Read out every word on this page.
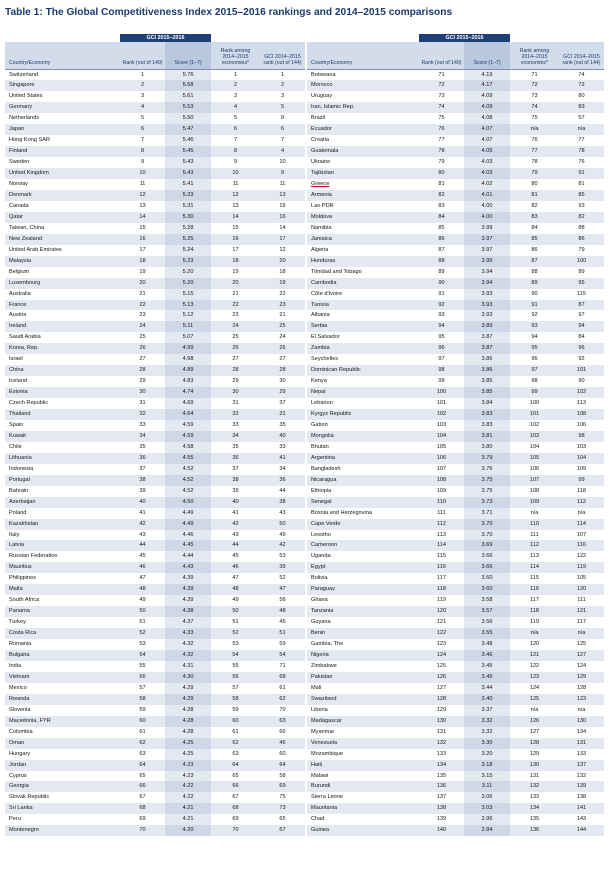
Table 1: The Global Competitiveness Index 2015–2016 rankings and 2014–2015 comparisons
	GCI 2015–2016			
Country/Economy	Rank (out of 140)	Score (1–7)	Rank among 2014–2015 economies*	GCI 2014–2015 rank (out of 144)
Switzerland	1	5.76	1	1
Singapore	2	5.68	2	2
United States	3	5.61	3	3
Germany	4	5.53	4	5
Netherlands	5	5.50	5	8
Japan	6	5.47	6	6
Hong Kong SAR	7	5.46	7	7
Finland	8	5.45	8	4
Sweden	9	5.43	9	10
United Kingdom	10	5.43	10	9
Norway	11	5.41	11	11
Denmark	12	5.33	12	13
Canada	13	5.31	13	15
Qatar	14	5.30	14	16
Taiwan, China	15	5.28	15	14
New Zealand	16	5.25	16	17
United Arab Emirates	17	5.24	17	12
Malaysia	18	5.23	18	20
Belgium	19	5.20	19	18
Luxembourg	20	5.20	20	19
Australia	21	5.15	21	22
France	22	5.13	22	23
Austria	23	5.12	23	21
Ireland	24	5.11	24	25
Saudi Arabia	25	5.07	25	24
Korea, Rep.	26	4.99	26	26
Israel	27	4.98	27	27
China	28	4.89	28	28
Iceland	29	4.83	29	30
Estonia	30	4.74	30	29
Czech Republic	31	4.69	31	37
Thailand	32	4.64	32	31
Spain	33	4.59	33	35
Kuwait	34	4.59	34	40
Chile	35	4.58	35	33
Lithuania	36	4.55	36	41
Indonesia	37	4.52	37	34
Portugal	38	4.52	38	36
Bahrain	39	4.52	39	44
Azerbaijan	40	4.50	40	38
Poland	41	4.49	41	43
Kazakhstan	42	4.49	42	50
Italy	43	4.46	43	49
Latvia	44	4.45	44	42
Russian Federation	45	4.44	45	53
Mauritius	46	4.43	46	39
Philippines	47	4.39	47	52
Malta	48	4.39	48	47
South Africa	49	4.39	49	56
Panama	50	4.38	50	48
Turkey	51	4.37	51	45
Costa Rica	52	4.33	52	51
Romania	53	4.32	53	59
Bulgaria	54	4.32	54	54
India	55	4.31	55	71
Vietnam	56	4.30	56	68
Mexico	57	4.29	57	61
Rwanda	58	4.29	58	62
Slovenia	59	4.28	59	70
Macedonia, FYR	60	4.28	60	63
Colombia	61	4.28	61	66
Oman	62	4.25	62	46
Hungary	63	4.25	63	60
Jordan	64	4.23	64	64
Cyprus	65	4.23	65	58
Georgia	66	4.22	66	69
Slovak Republic	67	4.22	67	75
Sri Lanka	68	4.21	68	73
Peru	69	4.21	69	65
Montenegro	70	4.20	70	67
	GCI 2015–2016			
Country/Economy	Rank (out of 140)	Score (1–7)	Rank among 2014–2015 economies*	GCI 2014–2015 rank (out of 144)
Botswana	71	4.19	71	74
Morocco	72	4.17	72	72
Uruguay	73	4.09	73	80
Iran, Islamic Rep.	74	4.09	74	83
Brazil	75	4.08	75	57
Ecuador	76	4.07	n/a	n/a
Croatia	77	4.07	76	77
Guatemala	78	4.05	77	78
Ukraine	79	4.03	78	76
Tajikistan	80	4.03	79	91
Greece	81	4.02	80	81
Armenia	82	4.01	81	85
Lao PDR	83	4.00	82	93
Moldova	84	4.00	83	82
Namibia	85	3.99	84	88
Jamaica	86	3.97	85	86
Algeria	87	3.97	86	79
Honduras	88	3.95	87	100
Trinidad and Tobago	89	3.94	88	89
Cambodia	90	3.94	89	95
Côte d'Ivoire	91	3.93	90	115
Tunisia	92	3.93	91	87
Albania	93	3.93	92	97
Serbia	94	3.89	93	94
El Salvador	95	3.87	94	84
Zambia	96	3.87	95	96
Seychelles	97	3.86	96	92
Dominican Republic	98	3.86	97	101
Kenya	99	3.85	98	90
Nepal	100	3.85	99	102
Lebanon	101	3.84	100	113
Kyrgyz Republic	102	3.83	101	108
Gabon	103	3.83	102	106
Mongolia	104	3.81	103	98
Bhutan	105	3.80	104	103
Argentina	106	3.79	105	104
Bangladesh	107	3.76	106	109
Nicaragua	108	3.75	107	99
Ethiopia	109	3.75	108	118
Senegal	110	3.73	109	112
Bosnia and Herzegovina	111	3.71	n/a	n/a
Cape Verde	112	3.70	110	114
Lesotho	113	3.70	111	107
Cameroon	114	3.69	112	116
Uganda	115	3.66	113	122
Egypt	116	3.66	114	119
Bolivia	117	3.60	115	105
Paraguay	118	3.60	116	120
Ghana	119	3.58	117	111
Tanzania	120	3.57	118	121
Guyana	121	3.56	119	117
Benin	122	3.55	n/a	n/a
Gambia, The	123	3.48	120	125
Nigeria	124	3.46	121	127
Zimbabwe	125	3.45	122	124
Pakistan	126	3.45	123	129
Mali	127	3.44	124	128
Swaziland	128	3.40	125	123
Liberia	129	3.37	n/a	n/a
Madagascar	130	3.32	126	130
Myanmar	131	3.32	127	134
Venezuela	132	3.30	128	131
Mozambique	133	3.20	129	133
Haiti	134	3.18	130	137
Malawi	135	3.15	131	132
Burundi	136	3.11	132	139
Sierra Leone	137	3.06	133	138
Mauritania	138	3.03	134	141
Chad	139	2.96	135	143
Guinea	140	2.84	136	144
